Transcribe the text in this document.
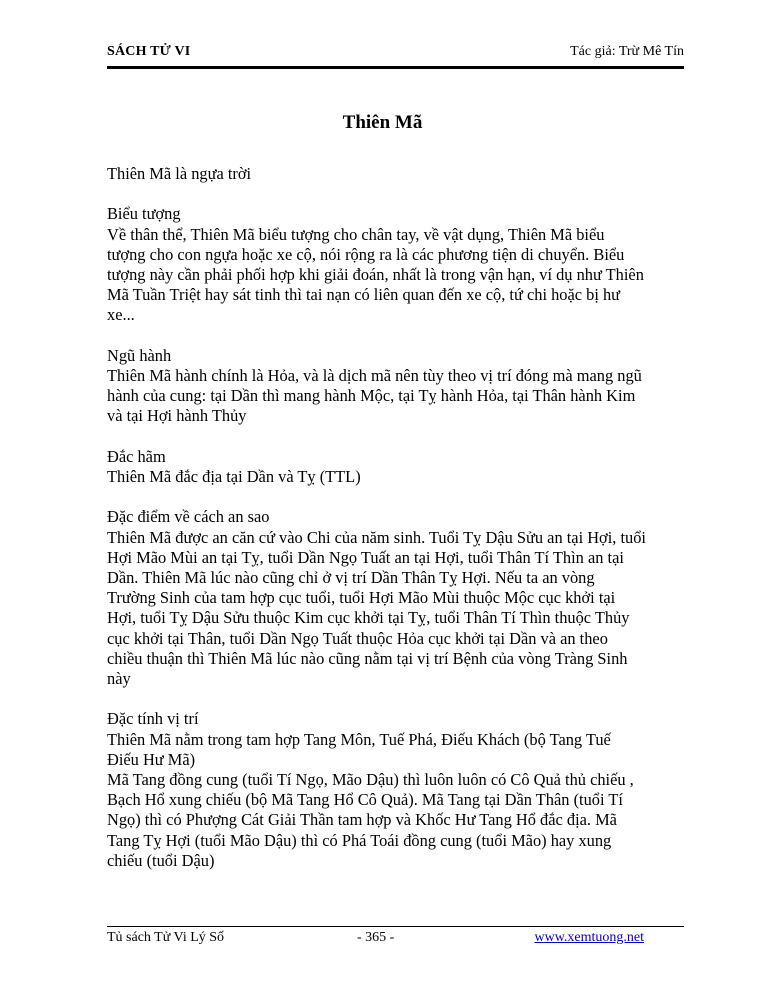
SÁCH TỬ VI	Tác giả: Trừ Mê Tín
Thiên Mã

Thiên Mã là ngựa trời

Biểu tượng
Về thân thể, Thiên Mã biểu tượng cho chân tay, về vật dụng, Thiên Mã biểu
tượng cho con ngựa hoặc xe cộ, nói rộng ra là các phương tiện di chuyển. Biểu
tượng này cần phải phối hợp khi giải đoán, nhất là trong vận hạn, ví dụ như Thiên
Mã Tuần Triệt hay sát tinh thì tai nạn có liên quan đến xe cộ, tứ chi hoặc bị hư
xe...

Ngũ hành
Thiên Mã hành chính là Hỏa, và là dịch mã nên tùy theo vị trí đóng mà mang ngũ
hành của cung: tại Dần thì mang hành Mộc, tại Tỵ hành Hỏa, tại Thân hành Kim
và tại Hợi hành Thủy

Đắc hãm
Thiên Mã đắc địa tại Dần và Tỵ (TTL)

Đặc điểm về cách an sao
Thiên Mã được an căn cứ vào Chi của năm sinh. Tuổi Tỵ Dậu Sửu an tại Hợi, tuổi
Hợi Mão Mùi an tại Tỵ, tuổi Dần Ngọ Tuất an tại Hợi, tuổi Thân Tí Thìn an tại
Dần. Thiên Mã lúc nào cũng chỉ ở vị trí Dần Thân Tỵ Hợi. Nếu ta an vòng
Trường Sinh của tam hợp cục tuổi, tuổi Hợi Mão Mùi thuộc Mộc cục khởi tại
Hợi, tuổi Tỵ Dậu Sửu thuộc Kim cục khởi tại Tỵ, tuổi Thân Tí Thìn thuộc Thủy
cục khởi tại Thân, tuổi Dần Ngọ Tuất thuộc Hỏa cục khởi tại Dần và an theo
chiều thuận thì Thiên Mã lúc nào cũng nằm tại vị trí Bệnh của vòng Tràng Sinh
này

Đặc tính vị trí
Thiên Mã nằm trong tam hợp Tang Môn, Tuế Phá, Điếu Khách (bộ Tang Tuế
Điếu Hư Mã)
Mã Tang đồng cung (tuổi Tí Ngọ, Mão Dậu) thì luôn luôn có Cô Quả thủ chiếu ,
Bạch Hổ xung chiếu (bộ Mã Tang Hổ Cô Quả). Mã Tang tại Dần Thân (tuổi Tí
Ngọ) thì có Phượng Cát Giải Thần tam hợp và Khốc Hư Tang Hổ đắc địa. Mã
Tang Tỵ Hợi (tuổi Mão Dậu) thì có Phá Toái đồng cung (tuổi Mão) hay xung
chiếu (tuổi Dậu)

Tủ sách Tử Vi Lý Số	- 365 -	www.xemtuong.net
